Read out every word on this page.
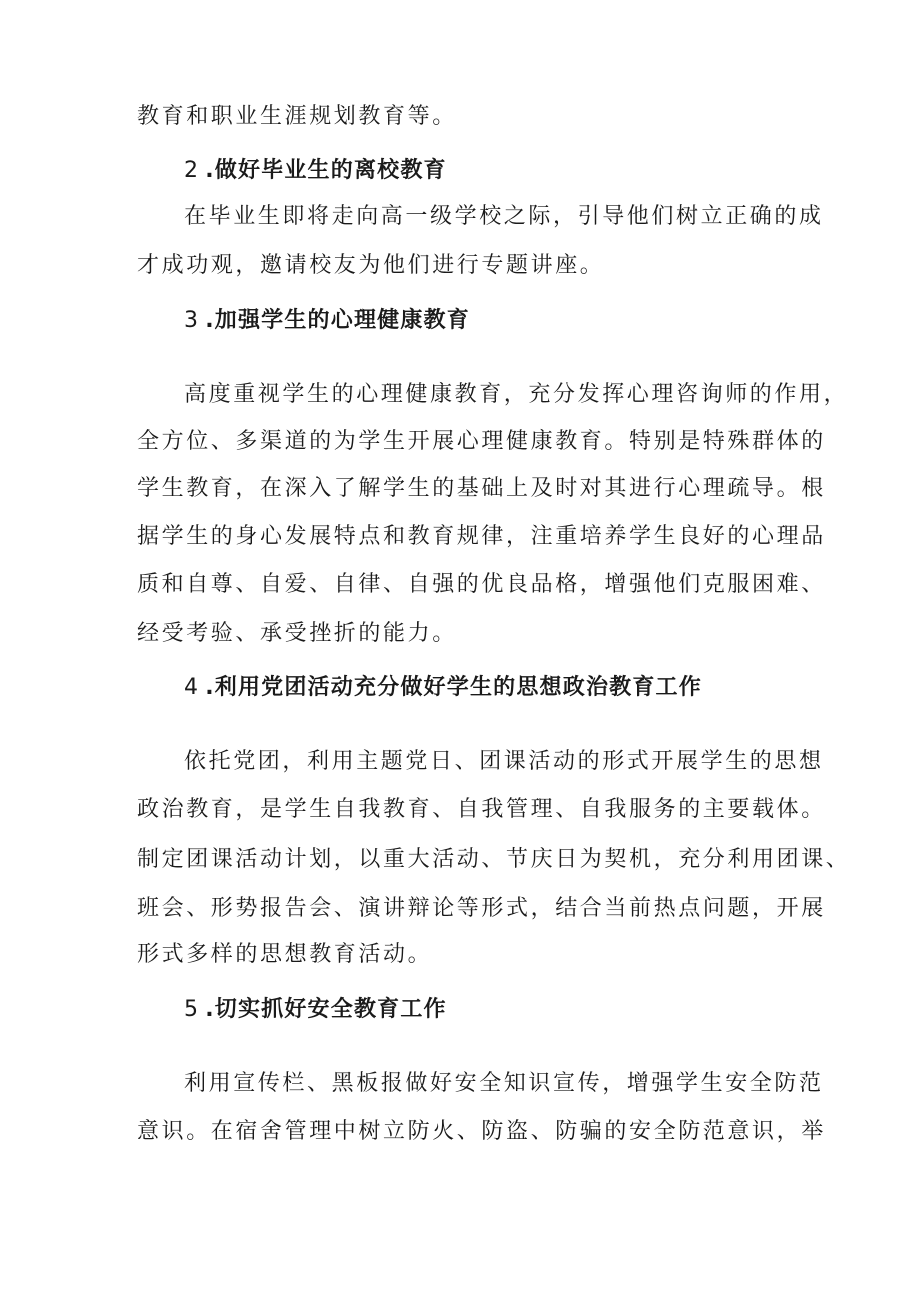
教育和职业生涯规划教育等。
2 .做好毕业生的离校教育
在毕业生即将走向高一级学校之际，引导他们树立正确的成
才成功观，邀请校友为他们进行专题讲座。
3 .加强学生的心理健康教育
高度重视学生的心理健康教育，充分发挥心理咨询师的作用，
全方位、多渠道的为学生开展心理健康教育。特别是特殊群体的
学生教育，在深入了解学生的基础上及时对其进行心理疏导。根
据学生的身心发展特点和教育规律，注重培养学生良好的心理品
质和自尊、自爱、自律、自强的优良品格，增强他们克服困难、
经受考验、承受挫折的能力。
4 .利用党团活动充分做好学生的思想政治教育工作
依托党团，利用主题党日、团课活动的形式开展学生的思想
政治教育，是学生自我教育、自我管理、自我服务的主要载体。
制定团课活动计划，以重大活动、节庆日为契机，充分利用团课、
班会、形势报告会、演讲辩论等形式，结合当前热点问题，开展
形式多样的思想教育活动。
5 .切实抓好安全教育工作
利用宣传栏、黑板报做好安全知识宣传，增强学生安全防范
意识。在宿舍管理中树立防火、防盗、防骗的安全防范意识，举
